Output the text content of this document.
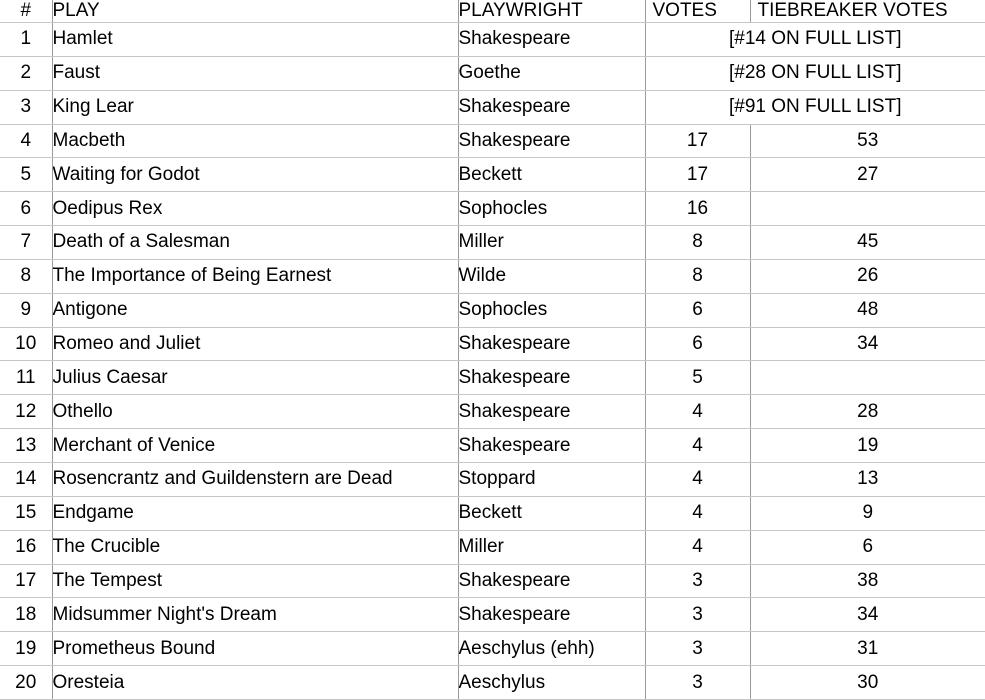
#	PLAY	PLAYWRIGHT	VOTES	TIEBREAKER VOTES
1	Hamlet	Shakespeare	[#14 ON FULL LIST]	
2	Faust	Goethe	[#28 ON FULL LIST]	
3	King Lear	Shakespeare	[#91 ON FULL LIST]	
4	Macbeth	Shakespeare	17	53
5	Waiting for Godot	Beckett	17	27
6	Oedipus Rex	Sophocles	16	
7	Death of a Salesman	Miller	8	45
8	The Importance of Being Earnest	Wilde	8	26
9	Antigone	Sophocles	6	48
10	Romeo and Juliet	Shakespeare	6	34
11	Julius Caesar	Shakespeare	5	
12	Othello	Shakespeare	4	28
13	Merchant of Venice	Shakespeare	4	19
14	Rosencrantz and Guildenstern are Dead	Stoppard	4	13
15	Endgame	Beckett	4	9
16	The Crucible	Miller	4	6
17	The Tempest	Shakespeare	3	38
18	Midsummer Night's Dream	Shakespeare	3	34
19	Prometheus Bound	Aeschylus (ehh)	3	31
20	Oresteia	Aeschylus	3	30
